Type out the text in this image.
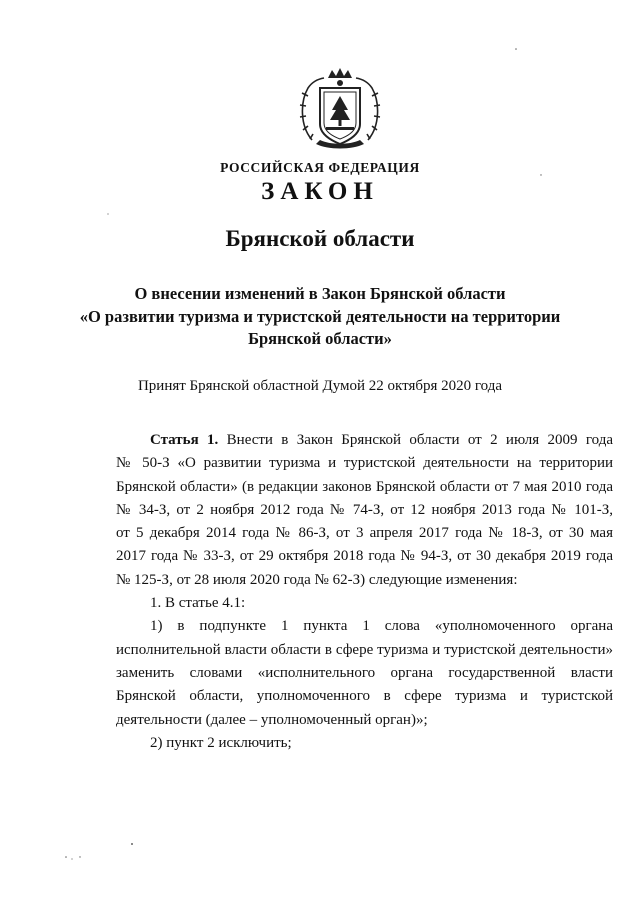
РОССИЙСКАЯ ФЕДЕРАЦИЯ
ЗАКОН
Брянской области
О внесении изменений в Закон Брянской области
«О развитии туризма и туристской деятельности на территории
Брянской области»
Принят Брянской областной Думой 22 октября 2020 года
Статья 1. Внести в Закон Брянской области от 2 июля 2009 года
№ 50-З «О развитии туризма и туристской деятельности на территории
Брянской области» (в редакции законов Брянской области от 7 мая 2010 года
№ 34-З, от 2 ноября 2012 года № 74-З, от 12 ноября 2013 года № 101-З,
от 5 декабря 2014 года № 86-З, от 3 апреля 2017 года № 18-З, от 30 мая
2017 года № 33-З, от 29 октября 2018 года № 94-З, от 30 декабря 2019 года
№ 125-З, от 28 июля 2020 года № 62-З) следующие изменения:
1. В статье 4.1:
1) в подпункте 1 пункта 1 слова «уполномоченного органа
исполнительной власти области в сфере туризма и туристской деятельности»
заменить словами «исполнительного органа государственной власти
Брянской области, уполномоченного в сфере туризма и туристской
деятельности (далее – уполномоченный орган)»;
2) пункт 2 исключить;
